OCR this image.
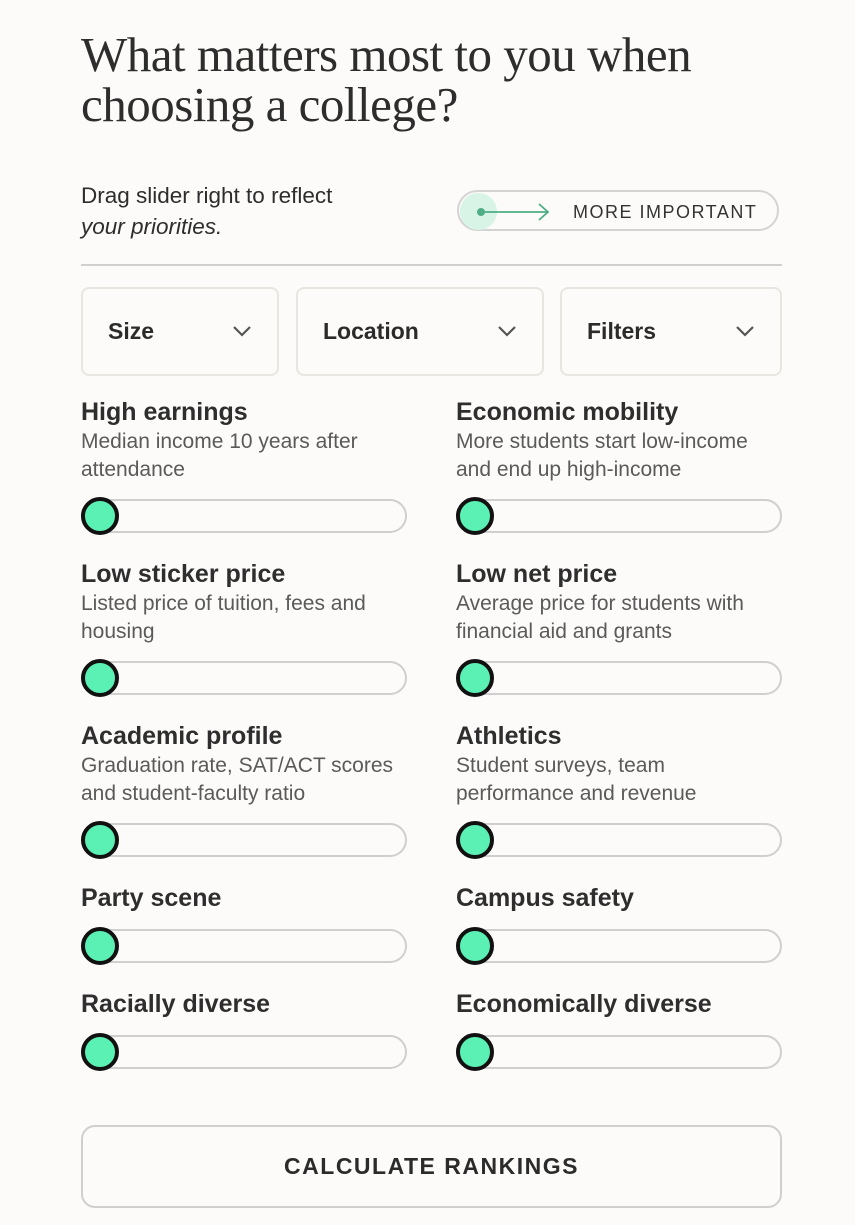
What matters most to you when choosing a college?
Drag slider right to reflect
your priorities.
MORE IMPORTANT
Size	Location	Filters
High earnings
Median income 10 years after attendance
Economic mobility
More students start low-income and end up high-income
Low sticker price
Listed price of tuition, fees and housing
Low net price
Average price for students with financial aid and grants
Academic profile
Graduation rate, SAT/ACT scores and student-faculty ratio
Athletics
Student surveys, team performance and revenue
Party scene	Campus safety
Racially diverse	Economically diverse
CALCULATE RANKINGS
